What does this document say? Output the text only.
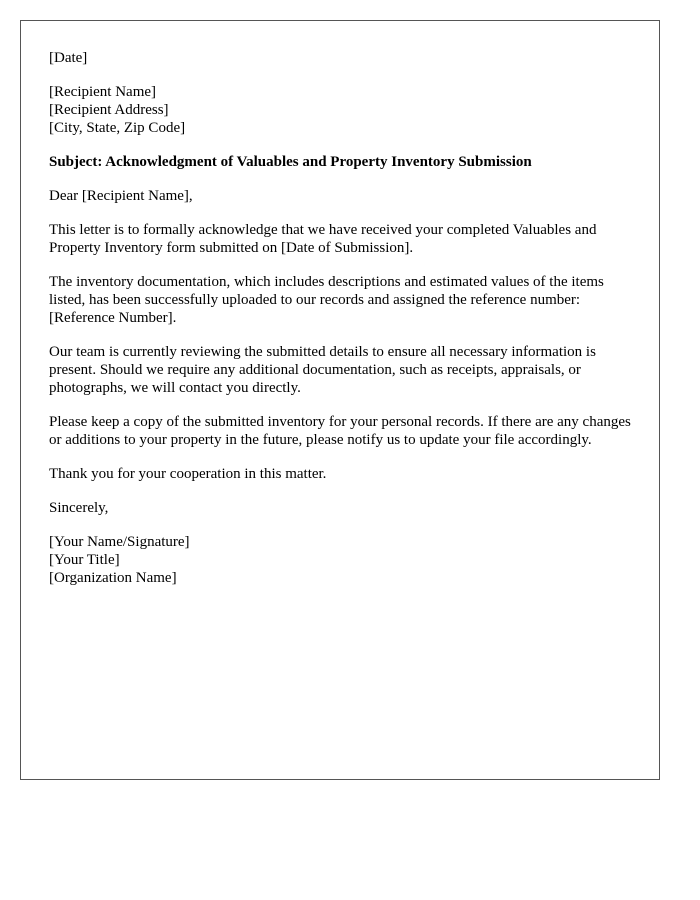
[Date]

[Recipient Name]
[Recipient Address]
[City, State, Zip Code]

Subject: Acknowledgment of Valuables and Property Inventory Submission

Dear [Recipient Name],

This letter is to formally acknowledge that we have received your completed Valuables and Property Inventory form submitted on [Date of Submission].

The inventory documentation, which includes descriptions and estimated values of the items listed, has been successfully uploaded to our records and assigned the reference number: [Reference Number].

Our team is currently reviewing the submitted details to ensure all necessary information is present. Should we require any additional documentation, such as receipts, appraisals, or photographs, we will contact you directly.

Please keep a copy of the submitted inventory for your personal records. If there are any changes or additions to your property in the future, please notify us to update your file accordingly.

Thank you for your cooperation in this matter.

Sincerely,

[Your Name/Signature]
[Your Title]
[Organization Name]
